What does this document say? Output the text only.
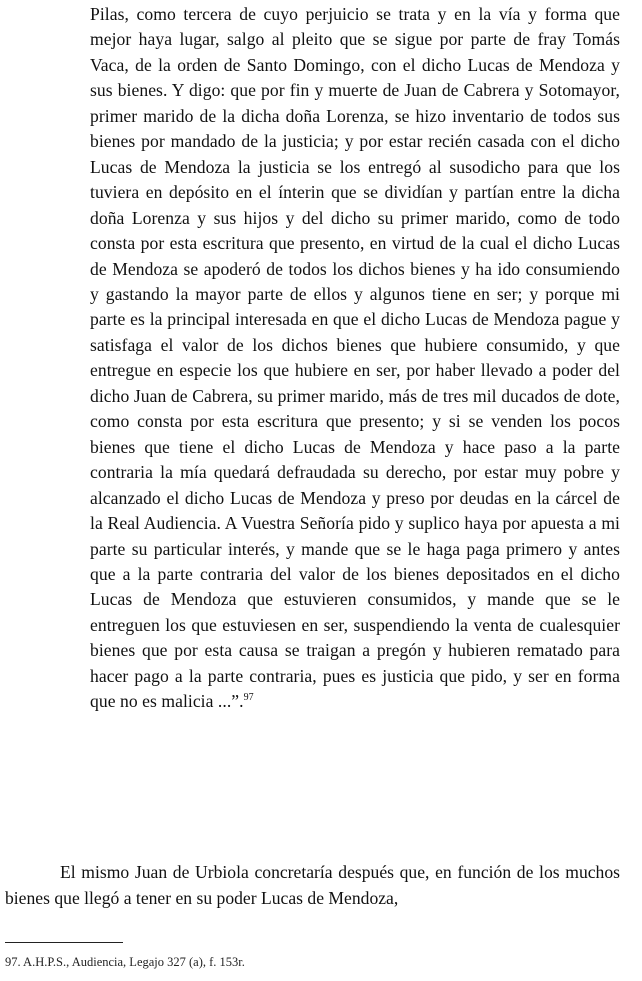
Pilas, como tercera de cuyo perjuicio se trata y en la vía y forma que mejor haya lugar, salgo al pleito que se sigue por parte de fray Tomás Vaca, de la orden de Santo Domingo, con el dicho Lucas de Mendoza y sus bienes. Y digo: que por fin y muerte de Juan de Cabrera y Sotomayor, primer marido de la dicha doña Lorenza, se hizo inventario de todos sus bienes por mandado de la justicia; y por estar recién casada con el dicho Lucas de Mendoza la justicia se los entregó al susodicho para que los tuviera en depósito en el ínterin que se dividían y partían entre la dicha doña Lorenza y sus hijos y del dicho su primer marido, como de todo consta por esta escritura que presento, en virtud de la cual el dicho Lucas de Mendoza se apoderó de todos los dichos bienes y ha ido consumiendo y gastando la mayor parte de ellos y algunos tiene en ser; y porque mi parte es la principal interesada en que el dicho Lucas de Mendoza pague y satisfaga el valor de los dichos bienes que hubiere consumido, y que entregue en especie los que hubiere en ser, por haber llevado a poder del dicho Juan de Cabrera, su primer marido, más de tres mil ducados de dote, como consta por esta escritura que presento; y si se venden los pocos bienes que tiene el dicho Lucas de Mendoza y hace paso a la parte contraria la mía quedará defraudada su derecho, por estar muy pobre y alcanzado el dicho Lucas de Mendoza y preso por deudas en la cárcel de la Real Audiencia. A Vuestra Señoría pido y suplico haya por apuesta a mi parte su particular interés, y mande que se le haga paga primero y antes que a la parte contraria del valor de los bienes depositados en el dicho Lucas de Mendoza que estuvieren consumidos, y mande que se le entreguen los que estuviesen en ser, suspendiendo la venta de cualesquier bienes que por esta causa se traigan a pregón y hubieren rematado para hacer pago a la parte contraria, pues es justicia que pido, y ser en forma que no es malicia ...”.$^{97}$
El mismo Juan de Urbiola concretaría después que, en función de los muchos bienes que llegó a tener en su poder Lucas de Mendoza,
97. A.H.P.S., Audiencia, Legajo 327 (a), f. 153r.
